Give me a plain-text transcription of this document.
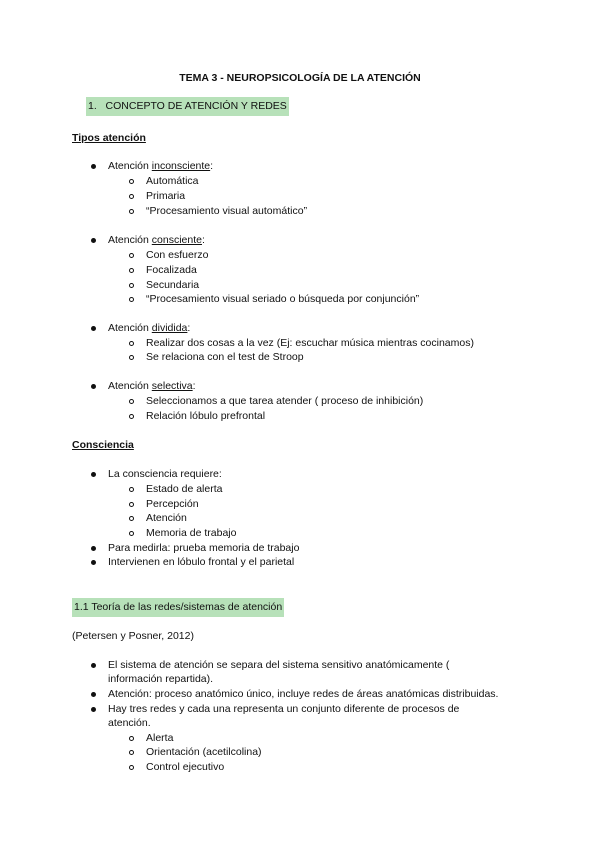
TEMA 3 - NEUROPSICOLOGÍA DE LA ATENCIÓN
1. CONCEPTO DE ATENCIÓN Y REDES
Tipos atención
Atención inconsciente:
Automática
Primaria
“Procesamiento visual automático”
Atención consciente:
Con esfuerzo
Focalizada
Secundaria
“Procesamiento visual seriado o búsqueda por conjunción”
Atención dividida:
Realizar dos cosas a la vez (Ej: escuchar música mientras cocinamos)
Se relaciona con el test de Stroop
Atención selectiva:
Seleccionamos a que tarea atender ( proceso de inhibición)
Relación lóbulo prefrontal
Consciencia
La consciencia requiere:
Estado de alerta
Percepción
Atención
Memoria de trabajo
Para medirla: prueba memoria de trabajo
Intervienen en lóbulo frontal y el parietal
1.1 Teoría de las redes/sistemas de atención
(Petersen y Posner, 2012)
El sistema de atención se separa del sistema sensitivo anatómicamente (
información repartida).
Atención: proceso anatómico único, incluye redes de áreas anatómicas distribuidas.
Hay tres redes y cada una representa un conjunto diferente de procesos de
atención.
Alerta
Orientación (acetilcolina)
Control ejecutivo
